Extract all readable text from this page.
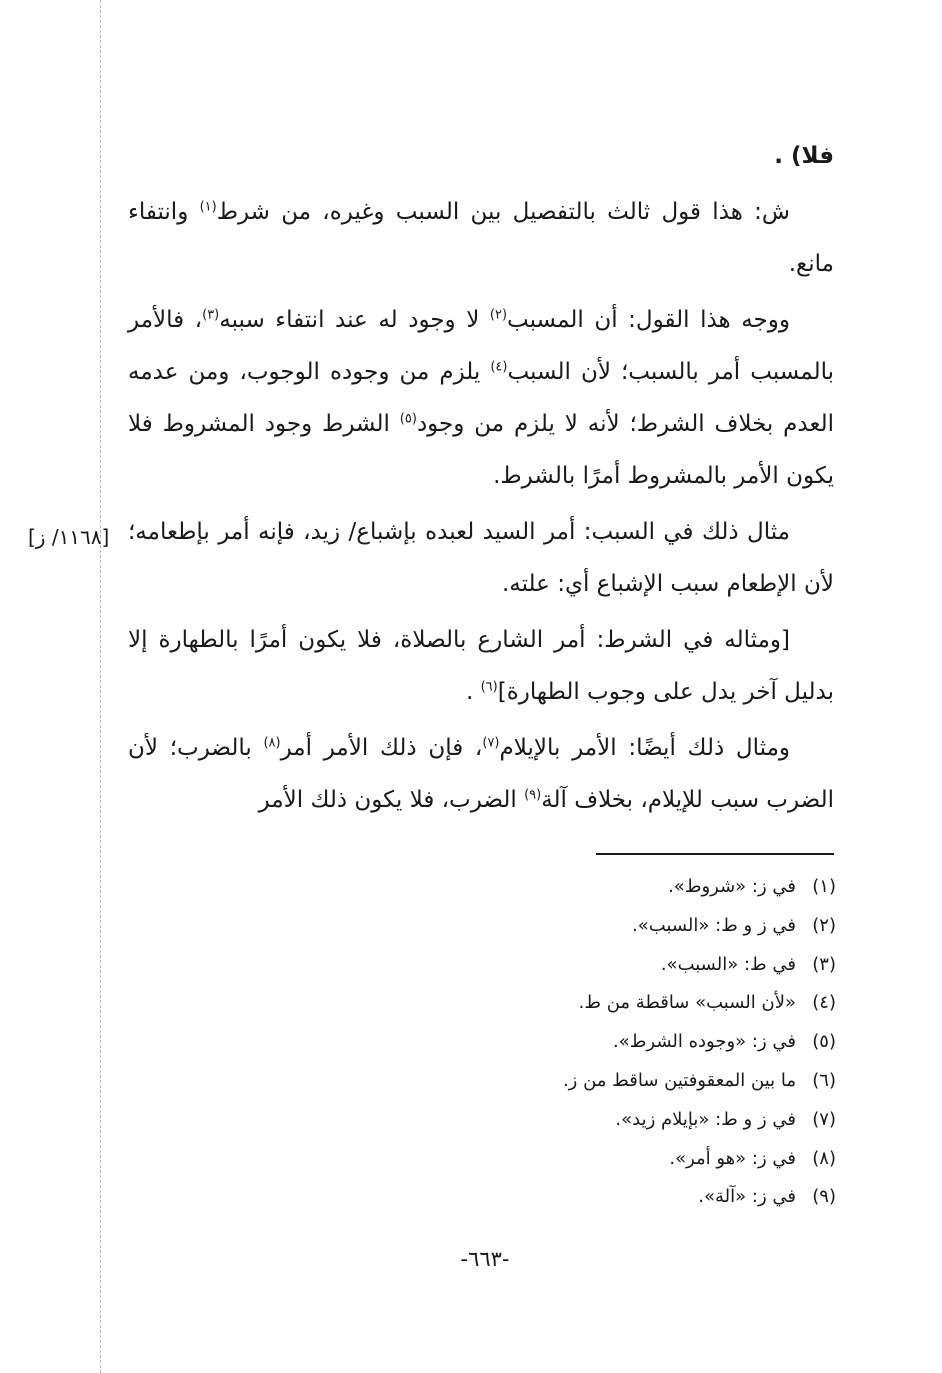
[١١٦٨/ ز]

فلا) .

ش: هذا قول ثالث بالتفصيل بين السبب وغيره، من شرط$^{(١)}$ وانتفاء مانع.

ووجه هذا القول: أن المسبب$^{(٢)}$ لا وجود له عند انتفاء سببه$^{(٣)}$، فالأمر بالمسبب أمر بالسبب؛ لأن السبب$^{(٤)}$ يلزم من وجوده الوجوب، ومن عدمه العدم بخلاف الشرط؛ لأنه لا يلزم من وجود$^{(٥)}$ الشرط وجود المشروط فلا يكون الأمر بالمشروط أمرًا بالشرط.

مثال ذلك في السبب: أمر السيد لعبده بإشباع/ زيد، فإنه أمر بإطعامه؛ لأن الإطعام سبب الإشباع أي: علته.

[ومثاله في الشرط: أمر الشارع بالصلاة، فلا يكون أمرًا بالطهارة إلا بدليل آخر يدل على وجوب الطهارة]$^{(٦)}$ .

ومثال ذلك أيضًا: الأمر بالإيلام$^{(٧)}$، فإن ذلك الأمر أمر$^{(٨)}$ بالضرب؛ لأن الضرب سبب للإيلام، بخلاف آلة$^{(٩)}$ الضرب، فلا يكون ذلك الأمر

(١)في ز: «شروط».
(٢)في ز و ط: «السبب».
(٣)في ط: «السبب».
(٤)«لأن السبب» ساقطة من ط.
(٥)في ز: «وجوده الشرط».
(٦)ما بين المعقوفتين ساقط من ز.
(٧)في ز و ط: «بإيلام زيد».
(٨)في ز: «هو أمر».
(٩)في ز: «آلة».
-٦٦٣-
